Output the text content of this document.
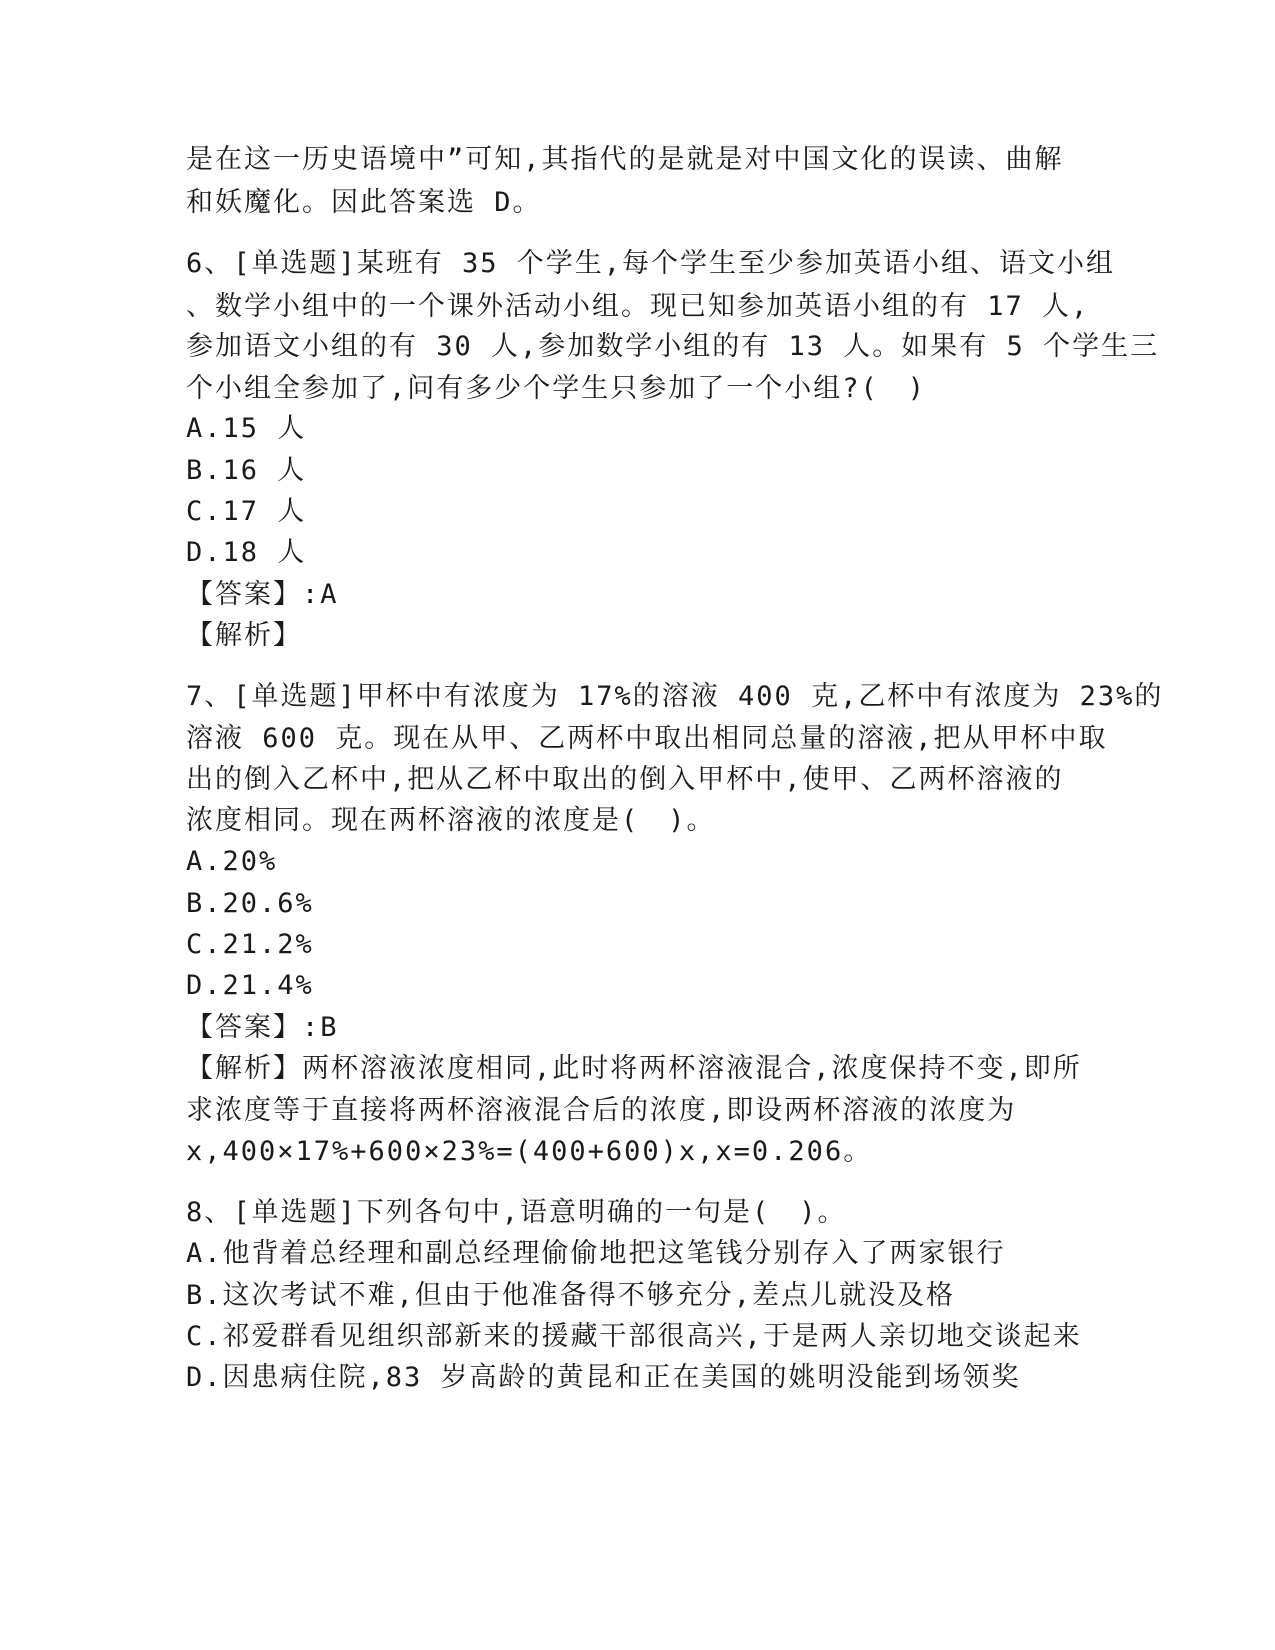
是在这一历史语境中”可知,其指代的是就是对中国文化的误读、曲解
和妖魔化。因此答案选 D。
6、[单选题]某班有 35 个学生,每个学生至少参加英语小组、语文小组
、数学小组中的一个课外活动小组。现已知参加英语小组的有 17 人,
参加语文小组的有 30 人,参加数学小组的有 13 人。如果有 5 个学生三
个小组全参加了,问有多少个学生只参加了一个小组?(　)
A.15 人
B.16 人
C.17 人
D.18 人
【答案】:A
【解析】
7、[单选题]甲杯中有浓度为 17%的溶液 400 克,乙杯中有浓度为 23%的
溶液 600 克。现在从甲、乙两杯中取出相同总量的溶液,把从甲杯中取
出的倒入乙杯中,把从乙杯中取出的倒入甲杯中,使甲、乙两杯溶液的
浓度相同。现在两杯溶液的浓度是(　)。
A.20%
B.20.6%
C.21.2%
D.21.4%
【答案】:B
【解析】两杯溶液浓度相同,此时将两杯溶液混合,浓度保持不变,即所
求浓度等于直接将两杯溶液混合后的浓度,即设两杯溶液的浓度为
x,400×17%+600×23%=(400+600)x,x=0.206。
8、[单选题]下列各句中,语意明确的一句是(　)。
A.他背着总经理和副总经理偷偷地把这笔钱分别存入了两家银行
B.这次考试不难,但由于他准备得不够充分,差点儿就没及格
C.祁爱群看见组织部新来的援藏干部很高兴,于是两人亲切地交谈起来
D.因患病住院,83 岁高龄的黄昆和正在美国的姚明没能到场领奖
